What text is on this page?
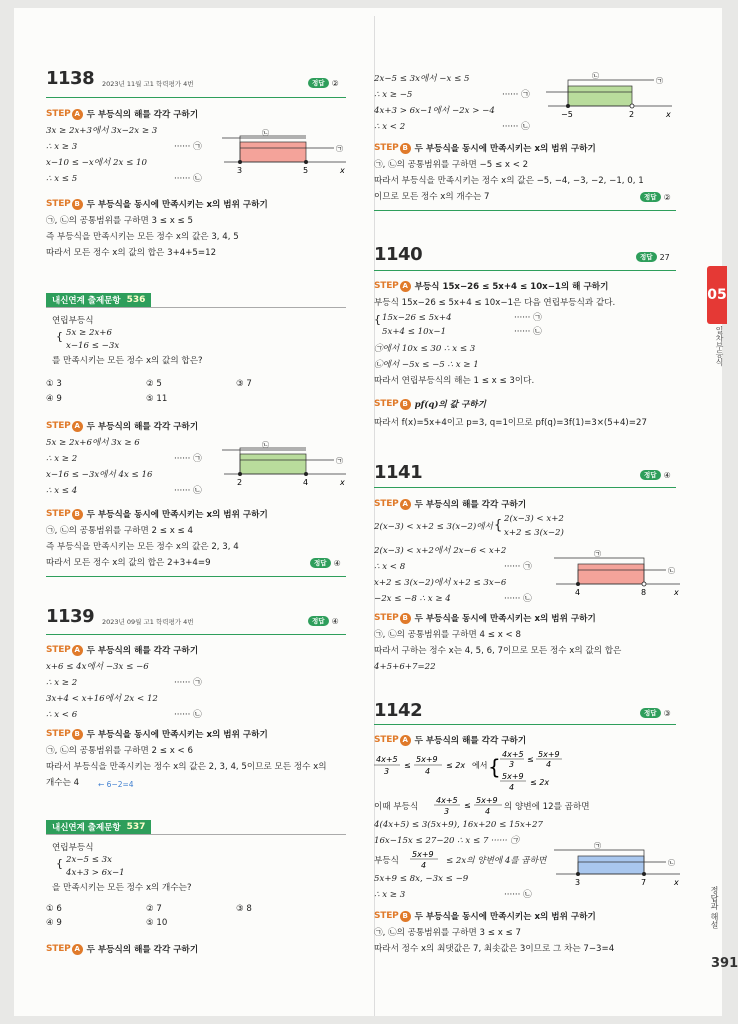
1138 2023년 11월 고1 학력평가 4번	정답 ②
STEP A 두 부등식의 해를 각각 구하기
3x ≥ 2x+3에서 3x−2x ≥ 3
∴ x ≥ 3	······ ㉠
x−10 ≤ −x에서 2x ≤ 10
∴ x ≤ 5	······ ㉡
㉡
㉠
3	5	x
STEP B 두 부등식을 동시에 만족시키는 x의 범위 구하기
㉠, ㉡의 공통범위를 구하면 3 ≤ x ≤ 5
즉 부등식을 만족시키는 모든 정수 x의 값은 3, 4, 5
따라서 모든 정수 x의 값의 합은 3+4+5=12
내신연계 출제문항 536
연립부등식
{ 5x ≥ 2x+6
x−16 ≤ −3x
를 만족시키는 모든 정수 x의 값의 합은?
① 3	② 5	③ 7
④ 9	⑤ 11
STEP A 두 부등식의 해를 각각 구하기
5x ≥ 2x+6에서 3x ≥ 6
∴ x ≥ 2	······ ㉠
x−16 ≤ −3x에서 4x ≤ 16
∴ x ≤ 4	······ ㉡
㉡
㉠
2	4	x
STEP B 두 부등식을 동시에 만족시키는 x의 범위 구하기
㉠, ㉡의 공통범위를 구하면 2 ≤ x ≤ 4
즉 부등식을 만족시키는 모든 정수 x의 값은 2, 3, 4
따라서 모든 정수 x의 값의 합은 2+3+4=9	정답 ④
1139 2023년 09월 고1 학력평가 4번	정답 ④
STEP A 두 부등식의 해를 각각 구하기
x+6 ≤ 4x에서 −3x ≤ −6
∴ x ≥ 2	······ ㉠
3x+4 < x+16에서 2x < 12
∴ x < 6	······ ㉡
STEP B 두 부등식을 동시에 만족시키는 x의 범위 구하기
㉠, ㉡의 공통범위를 구하면 2 ≤ x < 6
따라서 부등식을 만족시키는 정수 x의 값은 2, 3, 4, 5이므로 모든 정수 x의
개수는 4	← 6−2=4
내신연계 출제문항 537
연립부등식
{ 2x−5 ≤ 3x
4x+3 > 6x−1
을 만족시키는 모든 정수 x의 개수는?
① 6	② 7	③ 8
④ 9	⑤ 10
STEP A 두 부등식의 해를 각각 구하기
2x−5 ≤ 3x에서 −x ≤ 5
∴ x ≥ −5	······ ㉠
4x+3 > 6x−1에서 −2x > −4
∴ x < 2	······ ㉡
㉡
㉠
−5	2	x
STEP B 두 부등식을 동시에 만족시키는 x의 범위 구하기
㉠, ㉡의 공통범위를 구하면 −5 ≤ x < 2
따라서 부등식을 만족시키는 정수 x의 값은 −5, −4, −3, −2, −1, 0, 1
이므로 모든 정수 x의 개수는 7	정답 ②
1140	정답 27
STEP A 부등식 15x−26 ≤ 5x+4 ≤ 10x−1의 해 구하기
부등식 15x−26 ≤ 5x+4 ≤ 10x−1은 다음 연립부등식과 같다.
{ 15x−26 ≤ 5x+4	······ ㉠
5x+4 ≤ 10x−1	······ ㉡
㉠에서 10x ≤ 30 ∴ x ≤ 3
㉡에서 −5x ≤ −5 ∴ x ≥ 1
따라서 연립부등식의 해는 1 ≤ x ≤ 3이다.
STEP B pf(q)의 값 구하기
따라서 f(x)=5x+4이고 p=3, q=1이므로 pf(q)=3f(1)=3×(5+4)=27
1141	정답 ④
STEP A 두 부등식의 해를 각각 구하기
2(x−3) < x+2 ≤ 3(x−2)에서 { 2(x−3) < x+2
x+2 ≤ 3(x−2)
2(x−3) < x+2에서 2x−6 < x+2
∴ x < 8	······ ㉠
x+2 ≤ 3(x−2)에서 x+2 ≤ 3x−6
−2x ≤ −8 ∴ x ≥ 4	······ ㉡
㉠
㉡
4	8	x
STEP B 두 부등식을 동시에 만족시키는 x의 범위 구하기
㉠, ㉡의 공통범위를 구하면 4 ≤ x < 8
따라서 구하는 정수 x는 4, 5, 6, 7이므로 모든 정수 x의 값의 합은
4+5+6+7=22
1142	정답 ③
STEP A 두 부등식의 해를 각각 구하기
4x+5
3
≤
5x+9
4
≤ 2x 에서 {
4x+5
3
≤
5x+9
4
5x+9
4
≤ 2x
이때 부등식
4x+5
3
≤
5x+9
4 의 양변에 12를 곱하면
4(4x+5) ≤ 3(5x+9), 16x+20 ≤ 15x+27
16x−15x ≤ 27−20 ∴ x ≤ 7 ······ ㉠
부등식
5x+9
4 ≤ 2x의 양변에 4를 곱하면
5x+9 ≤ 8x, −3x ≤ −9
∴ x ≥ 3	······ ㉡
㉠
㉡
3	7	x
STEP B 두 부등식을 동시에 만족시키는 x의 범위 구하기
㉠, ㉡의 공통범위를 구하면 3 ≤ x ≤ 7
따라서 정수 x의 최댓값은 7, 최솟값은 3이므로 그 차는 7−3=4
05
일차부등식
정답과 해설
391
